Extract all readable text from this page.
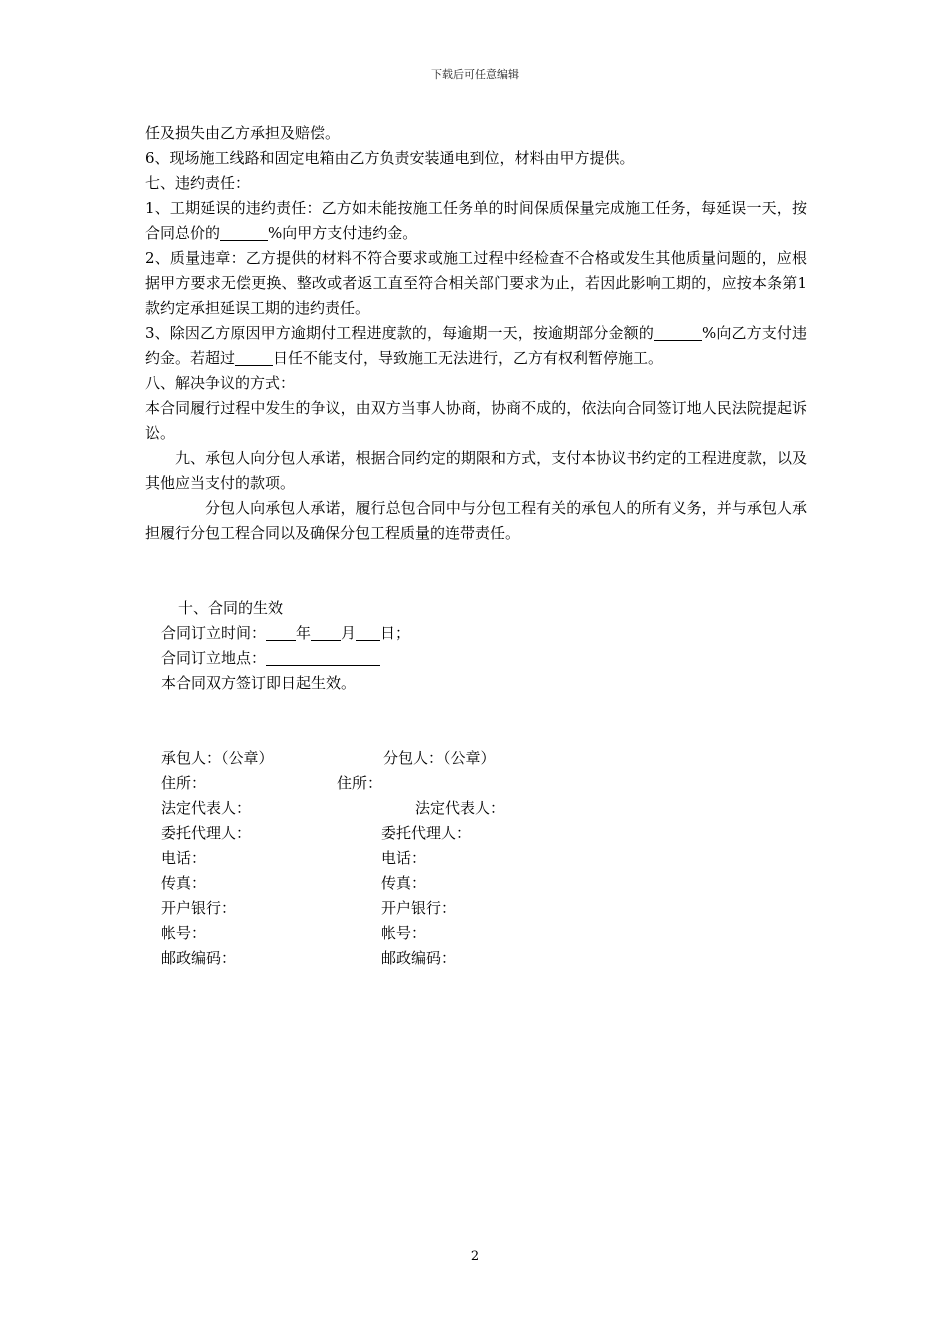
下载后可任意编辑

任及损失由乙方承担及赔偿。

6、现场施工线路和固定电箱由乙方负责安装通电到位，材料由甲方提供。

七、违约责任：

1、工期延误的违约责任：乙方如未能按施工任务单的时间保质保量完成施工任务，每延误一天，按合同总价的	%向甲方支付违约金。

2、质量违章：乙方提供的材料不符合要求或施工过程中经检查不合格或发生其他质量问题的，应根据甲方要求无偿更换、整改或者返工直至符合相关部门要求为止，若因此影响工期的，应按本条第1款约定承担延误工期的违约责任。

3、除因乙方原因甲方逾期付工程进度款的，每逾期一天，按逾期部分金额的	%向乙方支付违约金。若超过	日任不能支付，导致施工无法进行，乙方有权利暂停施工。

八、解决争议的方式：

本合同履行过程中发生的争议，由双方当事人协商，协商不成的，依法向合同签订地人民法院提起诉讼。

九、承包人向分包人承诺，根据合同约定的期限和方式，支付本协议书约定的工程进度款，以及其他应当支付的款项。

分包人向承包人承诺，履行总包合同中与分包工程有关的承包人的所有义务，并与承包人承担履行分包工程合同以及确保分包工程质量的连带责任。

十、合同的生效
合同订立时间： 年 月 日；
合同订立地点：
本合同双方签订即日起生效。
承包人：（公章）	分包人：（公章）
住所：	住所：
法定代表人：	法定代表人：
委托代理人：	委托代理人：
电话：	电话：
传真：	传真：
开户银行：	开户银行：
帐号：	帐号：
邮政编码：	邮政编码：
2
